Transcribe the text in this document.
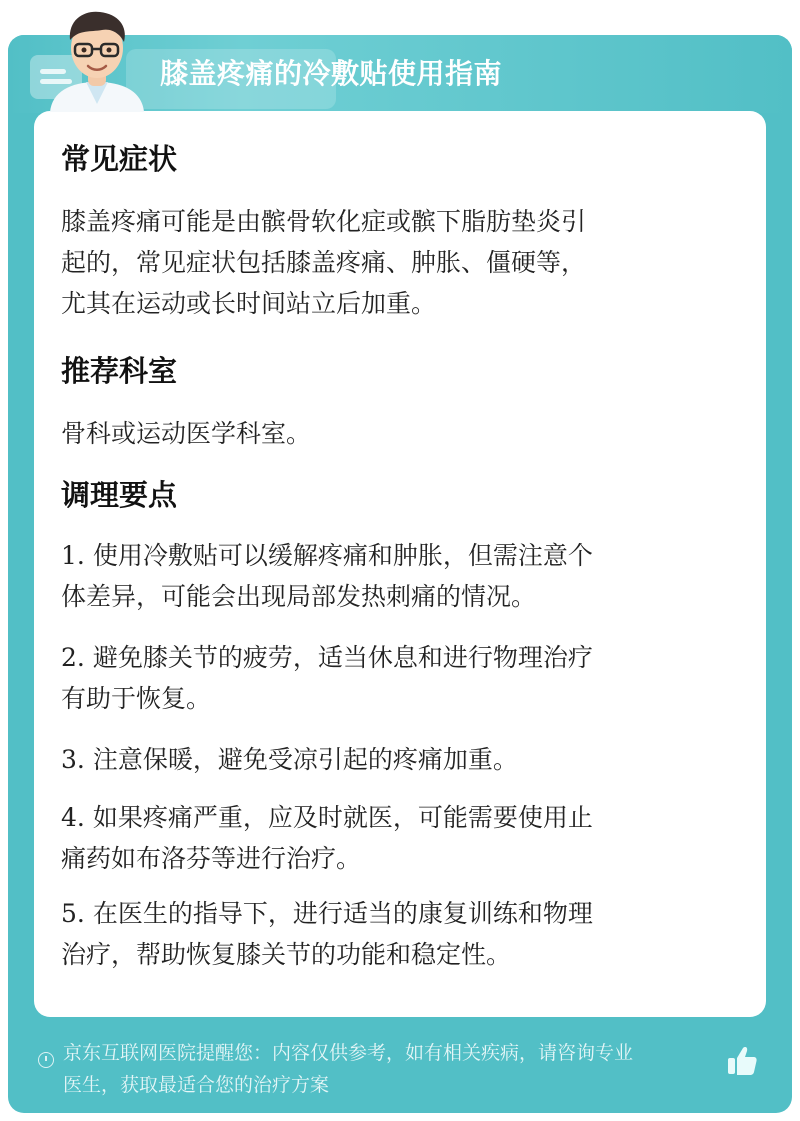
膝盖疼痛的冷敷贴使用指南
常见症状
膝盖疼痛可能是由髌骨软化症或髌下脂肪垫炎引
起的，常见症状包括膝盖疼痛、肿胀、僵硬等，
尤其在运动或长时间站立后加重。
推荐科室
骨科或运动医学科室。
调理要点
1. 使用冷敷贴可以缓解疼痛和肿胀，但需注意个
体差异，可能会出现局部发热刺痛的情况。
2. 避免膝关节的疲劳，适当休息和进行物理治疗
有助于恢复。
3. 注意保暖，避免受凉引起的疼痛加重。
4. 如果疼痛严重，应及时就医，可能需要使用止
痛药如布洛芬等进行治疗。
5. 在医生的指导下，进行适当的康复训练和物理
治疗，帮助恢复膝关节的功能和稳定性。
京东互联网医院提醒您：内容仅供参考，如有相关疾病，请咨询专业
医生，获取最适合您的治疗方案
